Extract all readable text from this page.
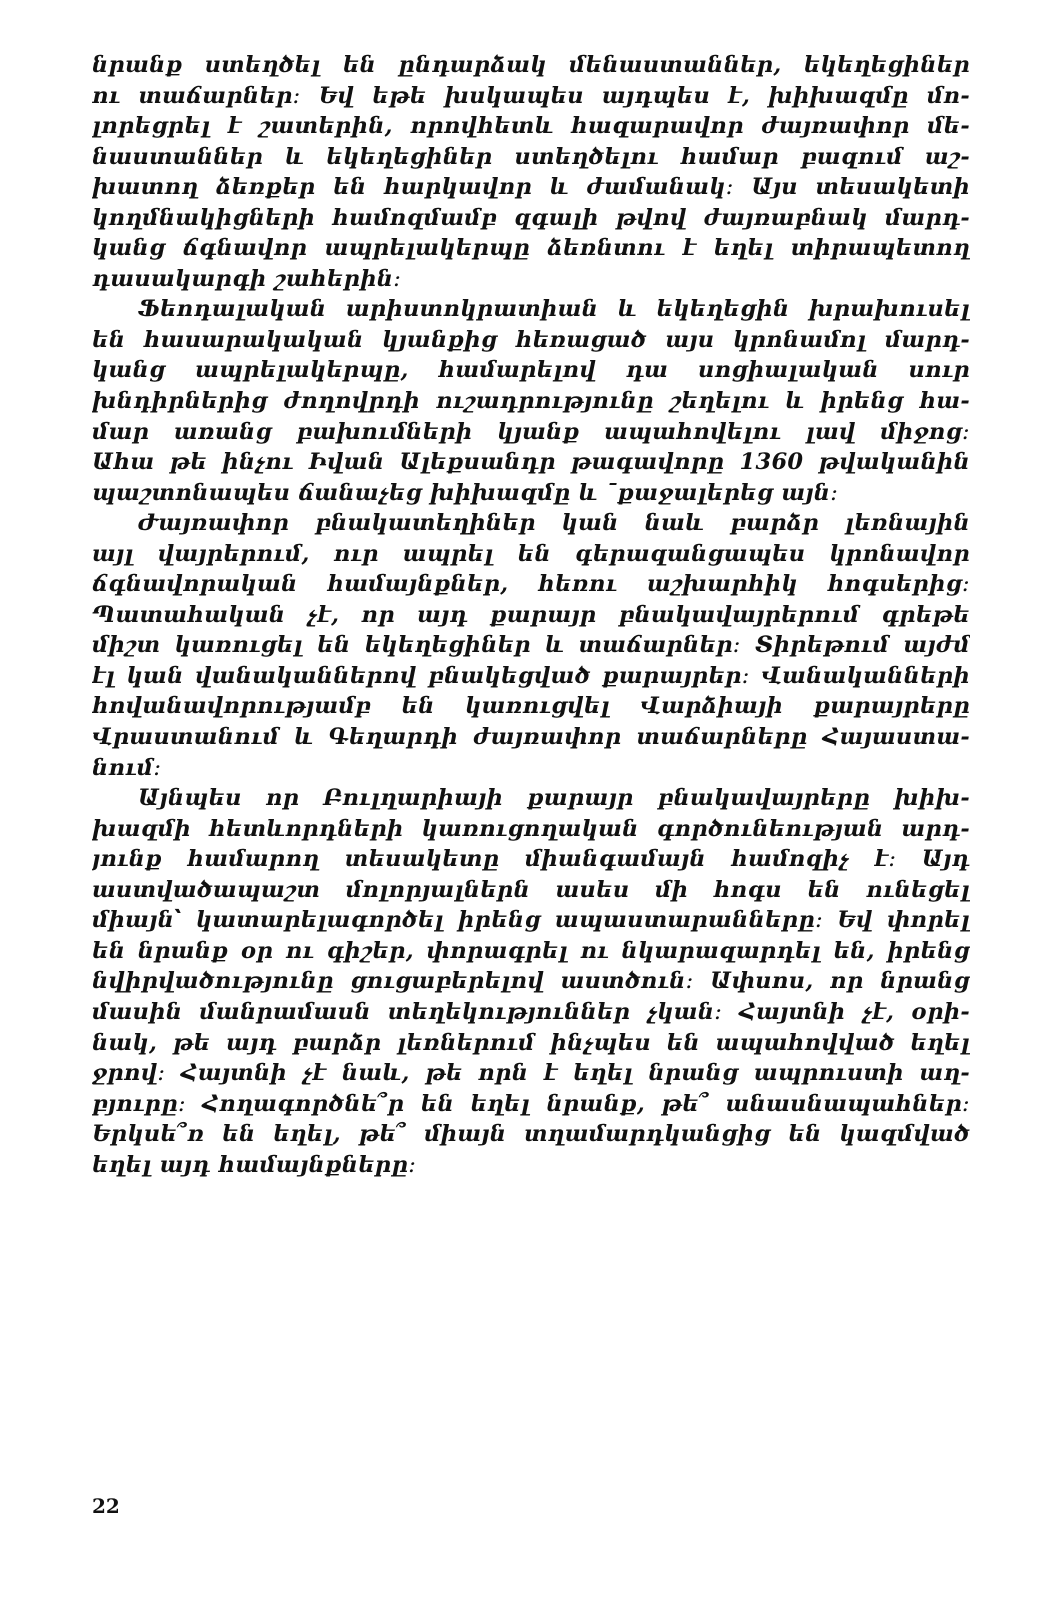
նրանք ստեղծել են ընդարձակ մենաստաններ, եկեղեցիներ
ու տաճարներ։ Եվ եթե խսկապես այդպես է, խիխազմը մո-
լորեցրել է շատերին, որովհետև հազարավոր ժայռափոր մե-
նաստաններ և եկեղեցիներ ստեղծելու համար բազում աշ-
խատող ձեռքեր են հարկավոր և ժամանակ։ Այս տեսակետի
կողմնակիցների համոզմամբ զգալի թվով ժայռաբնակ մարդ-
կանց ճգնավոր ապրելակերպը ձեռնտու է եղել տիրապետող
դասակարգի շահերին։
Ֆեոդալական արիստոկրատիան և եկեղեցին խրախուսել
են հասարակական կյանքից հեռացած այս կրոնամոլ մարդ-
կանց ապրելակերպը, համարելով դա սոցիալական սուր
խնդիրներից ժողովրդի ուշադրությունը շեղելու և իրենց հա-
մար առանց բախումների կյանք ապահովելու լավ միջոց։
Ահա թե ինչու Իվան Ալեքսանդր թագավորը 1360 թվականին
պաշտոնապես ճանաչեց խիխազմը և ˉքաջալերեց այն։
Ժայռափոր բնակատեղիներ կան նաև բարձր լեռնային
այլ վայրերում, ուր ապրել են գերազանցապես կրոնավոր
ճգնավորական համայնքներ, հեռու աշխարհիկ հոգսերից։
Պատահական չէ, որ այդ քարայր բնակավայրերում գրեթե
միշտ կառուցել են եկեղեցիներ և տաճարներ։ Տիրեթում այժմ
էլ կան վանականներով բնակեցված քարայրեր։ Վանականների
հովանավորությամբ են կառուցվել Վարձիայի քարայրերը
Վրաստանում և Գեղարդի ժայռափոր տաճարները Հայաստա-
նում։
Այնպես որ Բուլղարիայի քարայր բնակավայրերը խիխ-
խազմի հետևորդների կառուցողական գործունեության արդ-
յունք համարող տեսակետը միանգամայն համոզիչ է։ Այդ
աստվածապաշտ մոլորյալներն ասես մի հոգս են ունեցել
միայն՝ կատարելագործել իրենց ապաստարանները։ Եվ փորել
են նրանք օր ու գիշեր, փորագրել ու նկարազարդել են, իրենց
նվիրվածությունը ցուցաբերելով աստծուն։ Ափսոս, որ նրանց
մասին մանրամասն տեղեկություններ չկան։ Հայտնի չէ, օրի-
նակ, թե այդ բարձր լեռներում ինչպես են ապահովված եղել
ջրով։ Հայտնի չէ նաև, թե որն է եղել նրանց ապրուստի աղ-
բյուրը։ Հողագործնե՞ր են եղել նրանք, թե՞ անասնապահներ։
Երկսե՞ռ են եղել, թե՞ միայն տղամարդկանցից են կազմված
եղել այդ համայնքները։
22
